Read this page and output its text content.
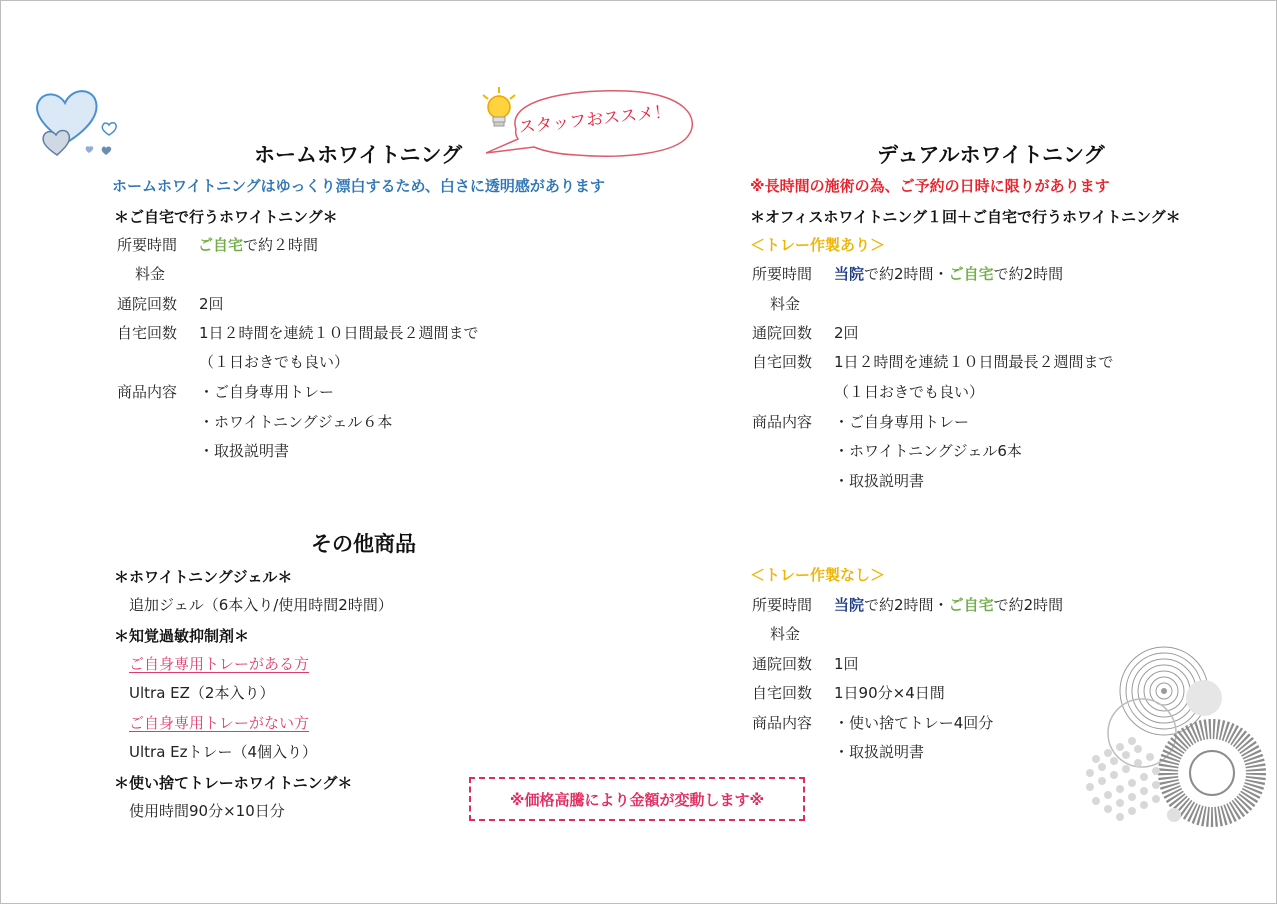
スタッフおススメ！
ホームホワイトニング
ホームホワイトニングはゆっくり漂白するため、白さに透明感があります
＊ご自宅で行うホワイトニング＊
所要時間 ご自宅で約２時間
料金
通院回数 2回
自宅回数 1日２時間を連続１０日間最長２週間まで
（１日おきでも良い）
商品内容 ・ご自身専用トレー
・ホワイトニングジェル６本
・取扱説明書
その他商品
＊ホワイトニングジェル＊
追加ジェル（6本入り/使用時間2時間）
＊知覚過敏抑制剤＊
ご自身専用トレーがある方
Ultra EZ（2本入り）
ご自身専用トレーがない方
Ultra Ezトレー（4個入り）
＊使い捨てトレーホワイトニング＊
使用時間90分×10日分
※価格高騰により金額が変動します※
デュアルホワイトニング
※長時間の施術の為、ご予約の日時に限りがあります
＊オフィスホワイトニング１回＋ご自宅で行うホワイトニング＊
＜トレー作製あり＞
所要時間 当院で約2時間・ご自宅で約2時間
料金
通院回数 2回
自宅回数 1日２時間を連続１０日間最長２週間まで
（１日おきでも良い）
商品内容 ・ご自身専用トレー
・ホワイトニングジェル6本
・取扱説明書
＜トレー作製なし＞
所要時間 当院で約2時間・ご自宅で約2時間
料金
通院回数 1回
自宅回数 1日90分×4日間
商品内容 ・使い捨てトレー4回分
・取扱説明書
